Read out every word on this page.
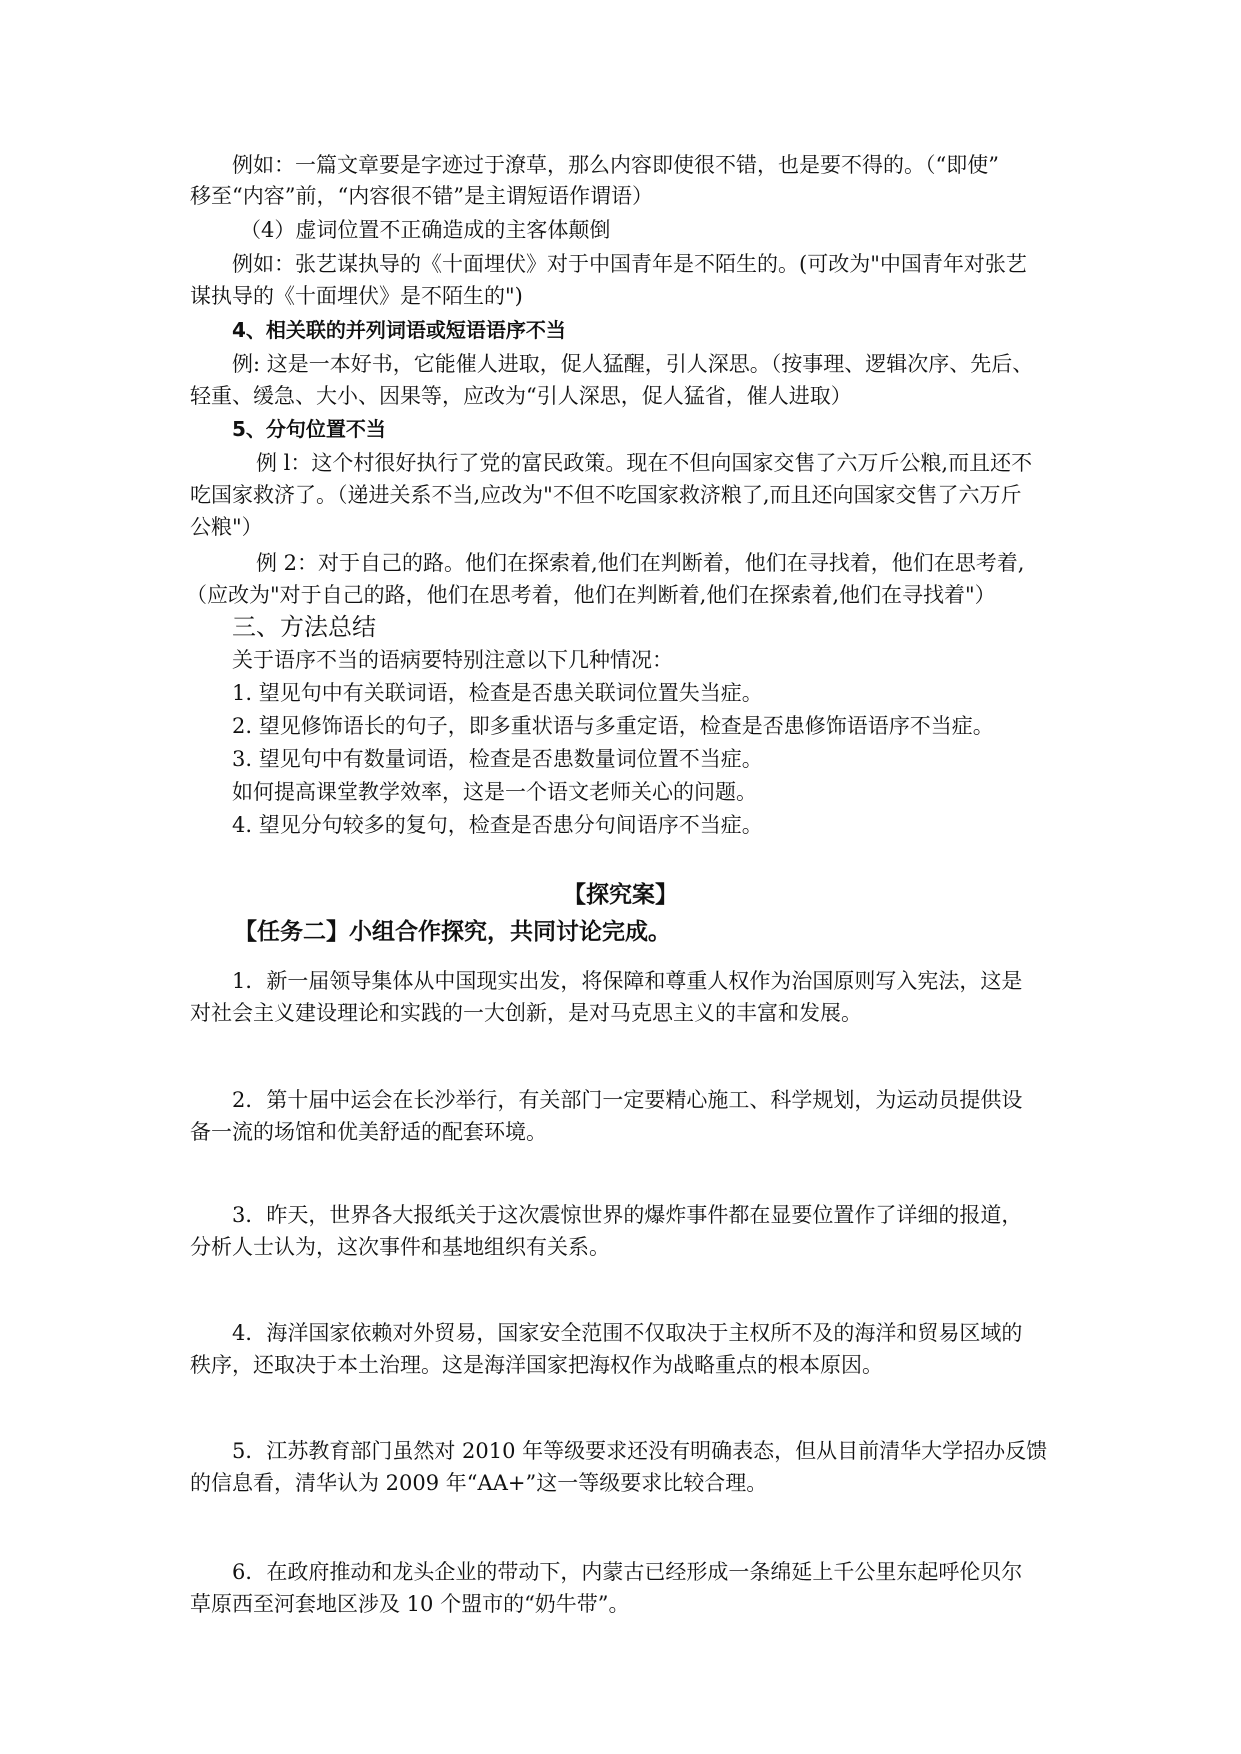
例如：一篇文章要是字迹过于潦草，那么内容即使很不错，也是要不得的。（“即使”
移至“内容”前，“内容很不错”是主谓短语作谓语）
（4）虚词位置不正确造成的主客体颠倒
例如：张艺谋执导的《十面埋伏》对于中国青年是不陌生的。(可改为"中国青年对张艺
谋执导的《十面埋伏》是不陌生的")
4、相关联的并列词语或短语语序不当
例: 这是一本好书，它能催人进取，促人猛醒，引人深思。（按事理、逻辑次序、先后、
轻重、缓急、大小、因果等，应改为“引人深思，促人猛省，催人进取）
5、分句位置不当
例 l：这个村很好执行了党的富民政策。现在不但向国家交售了六万斤公粮,而且还不
吃国家救济了。（递进关系不当,应改为"不但不吃国家救济粮了,而且还向国家交售了六万斤
公粮"）
例 2：对于自己的路。他们在探索着,他们在判断着，他们在寻找着，他们在思考着,
（应改为"对于自己的路，他们在思考着，他们在判断着,他们在探索着,他们在寻找着"）
三、方法总结
关于语序不当的语病要特别注意以下几种情况：
1. 望见句中有关联词语，检查是否患关联词位置失当症。
2. 望见修饰语长的句子，即多重状语与多重定语，检查是否患修饰语语序不当症。
3. 望见句中有数量词语，检查是否患数量词位置不当症。
如何提高课堂教学效率，这是一个语文老师关心的问题。
4. 望见分句较多的复句，检查是否患分句间语序不当症。
【探究案】
【任务二】小组合作探究，共同讨论完成。
1．新一届领导集体从中国现实出发，将保障和尊重人权作为治国原则写入宪法，这是
对社会主义建设理论和实践的一大创新，是对马克思主义的丰富和发展。
2．第十届中运会在长沙举行，有关部门一定要精心施工、科学规划，为运动员提供设
备一流的场馆和优美舒适的配套环境。
3．昨天，世界各大报纸关于这次震惊世界的爆炸事件都在显要位置作了详细的报道，
分析人士认为，这次事件和基地组织有关系。
4．海洋国家依赖对外贸易，国家安全范围不仅取决于主权所不及的海洋和贸易区域的
秩序，还取决于本土治理。这是海洋国家把海权作为战略重点的根本原因。
5．江苏教育部门虽然对 2010 年等级要求还没有明确表态，但从目前清华大学招办反馈
的信息看，清华认为 2009 年“AA+”这一等级要求比较合理。
6．在政府推动和龙头企业的带动下，内蒙古已经形成一条绵延上千公里东起呼伦贝尔
草原西至河套地区涉及 10 个盟市的“奶牛带”。
